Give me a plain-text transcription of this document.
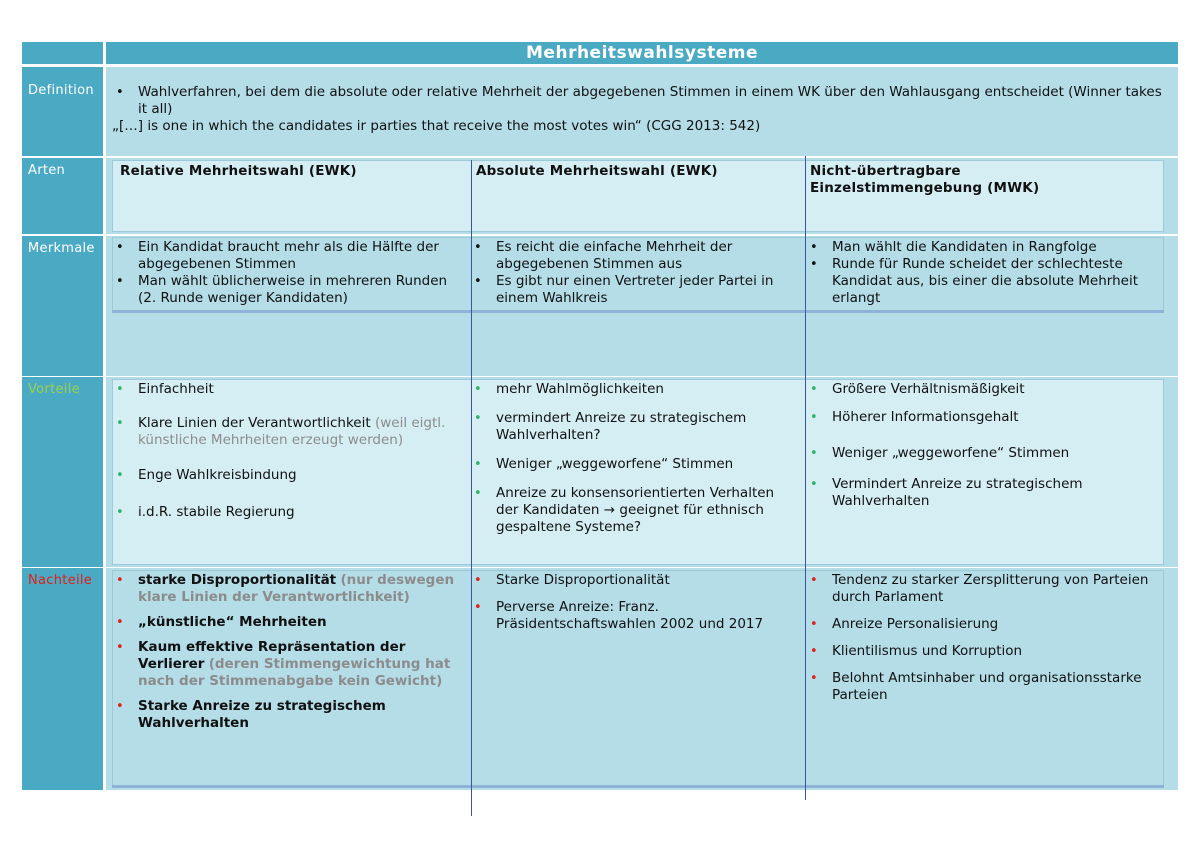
Definition
Arten
Merkmale
Vorteile
Nachteile
Mehrheitswahlsysteme
• Wahlverfahren, bei dem die absolute oder relative Mehrheit der abgegebenen Stimmen in einem WK über den Wahlausgang entscheidet (Winner takes it all)
„[…] is one in which the candidates ir parties that receive the most votes win“ (CGG 2013: 542)
Relative Mehrheitswahl (EWK)	Absolute Mehrheitswahl (EWK)	Nicht-übertragbare Einzelstimmengebung (MWK)
• Ein Kandidat braucht mehr als die Hälfte der abgegebenen Stimmen
• Man wählt üblicherweise in mehreren Runden (2. Runde weniger Kandidaten)
• Es reicht die einfache Mehrheit der abgegebenen Stimmen aus
• Es gibt nur einen Vertreter jeder Partei in einem Wahlkreis
• Man wählt die Kandidaten in Rangfolge
• Runde für Runde scheidet der schlechteste Kandidat aus, bis einer die absolute Mehrheit erlangt
• Einfachheit
• Klare Linien der Verantwortlichkeit (weil eigtl. künstliche Mehrheiten erzeugt werden)
• Enge Wahlkreisbindung
• i.d.R. stabile Regierung
• mehr Wahlmöglichkeiten
• vermindert Anreize zu strategischem Wahlverhalten?
• Weniger „weggeworfene“ Stimmen
• Anreize zu konsensorientierten Verhalten der Kandidaten → geeignet für ethnisch gespaltene Systeme?
• Größere Verhältnismäßigkeit
• Höherer Informationsgehalt
• Weniger „weggeworfene“ Stimmen
• Vermindert Anreize zu strategischem Wahlverhalten
• starke Disproportionalität (nur deswegen klare Linien der Verantwortlichkeit)
• „künstliche“ Mehrheiten
• Kaum effektive Repräsentation der Verlierer (deren Stimmengewichtung hat nach der Stimmenabgabe kein Gewicht)
• Starke Anreize zu strategischem Wahlverhalten
• Starke Disproportionalität
• Perverse Anreize: Franz. Präsidentschaftswahlen 2002 und 2017
• Tendenz zu starker Zersplitterung von Parteien durch Parlament
• Anreize Personalisierung
• Klientilismus und Korruption
• Belohnt Amtsinhaber und organisationsstarke Parteien
